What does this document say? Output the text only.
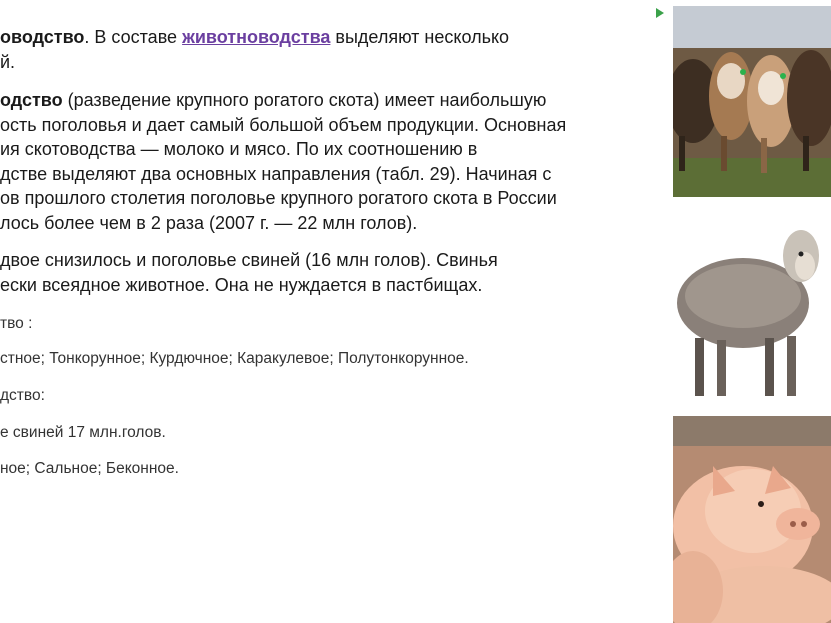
оводство. В составе животноводства выделяют несколько
й.
одство (разведение крупного рогатого скота) имеет наибольшую
ость поголовья и дает самый большой объем продукции. Основная
ия скотоводства — молоко и мясо. По их соотношению в
дстве выделяют два основных направления (табл. 29). Начиная с
ов прошлого столетия поголовье крупного рогатого скота в России
лось более чем в 2 раза (2007 г. — 22 млн голов).
двое снизилось и поголовье свиней (16 млн голов). Свинья
ески всеядное животное. Она не нуждается в пастбищах.
тво :
стное; Тонкорунное; Курдючное; Каракулевое; Полутонкорунное.
дство:
е свиней 17 млн.голов.
ное; Сальное; Беконное.
